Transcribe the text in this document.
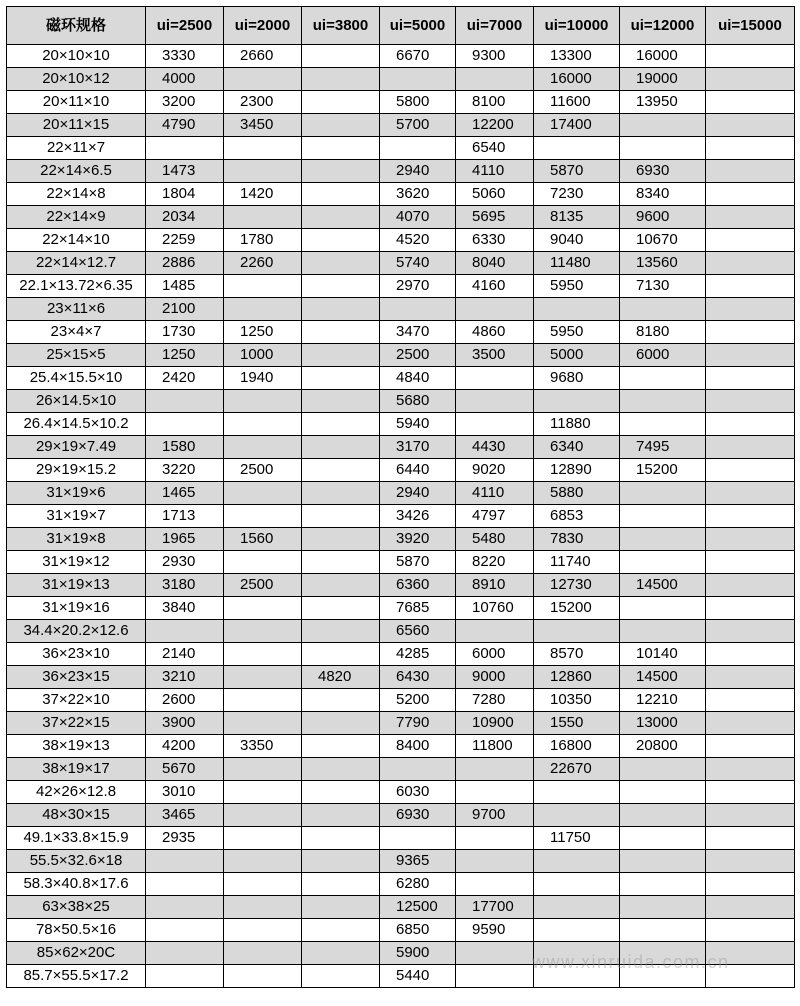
磁环规格	ui=2500	ui=2000	ui=3800	ui=5000	ui=7000	ui=10000	ui=12000	ui=15000
20×10×10	3330	2660		6670	9300	13300	16000	
20×10×12	4000					16000	19000	
20×11×10	3200	2300		5800	8100	11600	13950	
20×11×15	4790	3450		5700	12200	17400		
22×11×7					6540			
22×14×6.5	1473			2940	4110	5870	6930	
22×14×8	1804	1420		3620	5060	7230	8340	
22×14×9	2034			4070	5695	8135	9600	
22×14×10	2259	1780		4520	6330	9040	10670	
22×14×12.7	2886	2260		5740	8040	11480	13560	
22.1×13.72×6.35	1485			2970	4160	5950	7130	
23×11×6	2100							
23×4×7	1730	1250		3470	4860	5950	8180	
25×15×5	1250	1000		2500	3500	5000	6000	
25.4×15.5×10	2420	1940		4840		9680		
26×14.5×10				5680				
26.4×14.5×10.2				5940		11880		
29×19×7.49	1580			3170	4430	6340	7495	
29×19×15.2	3220	2500		6440	9020	12890	15200	
31×19×6	1465			2940	4110	5880		
31×19×7	1713			3426	4797	6853		
31×19×8	1965	1560		3920	5480	7830		
31×19×12	2930			5870	8220	11740		
31×19×13	3180	2500		6360	8910	12730	14500	
31×19×16	3840			7685	10760	15200		
34.4×20.2×12.6				6560				
36×23×10	2140			4285	6000	8570	10140	
36×23×15	3210		4820	6430	9000	12860	14500	
37×22×10	2600			5200	7280	10350	12210	
37×22×15	3900			7790	10900	1550	13000	
38×19×13	4200	3350		8400	11800	16800	20800	
38×19×17	5670					22670		
42×26×12.8	3010			6030				
48×30×15	3465			6930	9700			
49.1×33.8×15.9	2935					11750		
55.5×32.6×18				9365				
58.3×40.8×17.6				6280				
63×38×25				12500	17700			
78×50.5×16				6850	9590			
85×62×20C				5900				
85.7×55.5×17.2				5440				
www.xinruida.com.cn
